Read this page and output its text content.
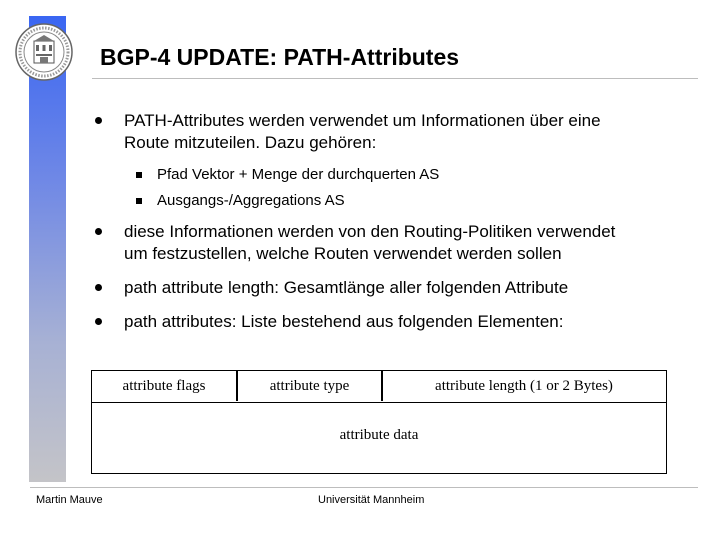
BGP-4 UPDATE: PATH-Attributes
PATH-Attributes werden verwendet um Informationen über eine
Route mitzuteilen. Dazu gehören:
Pfad Vektor + Menge der durchquerten AS
Ausgangs-/Aggregations AS
diese Informationen werden von den Routing-Politiken verwendet
um festzustellen, welche Routen verwendet werden sollen
path attribute length: Gesamtlänge aller folgenden Attribute
path attributes: Liste bestehend aus folgenden Elementen:
attribute flags	attribute type	attribute length (1 or 2 Bytes)
attribute data
Martin Mauve	Universität Mannheim
